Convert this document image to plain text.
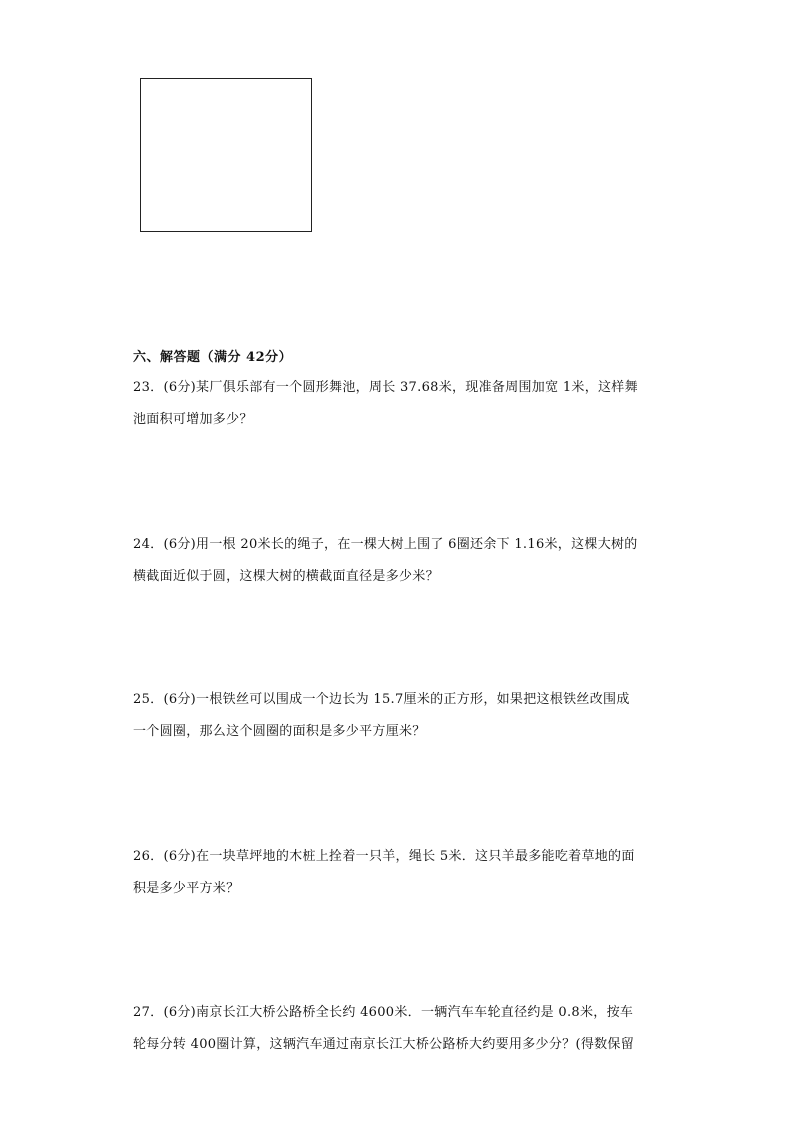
六、解答题（满分 42分）
23．(6分)某厂俱乐部有一个圆形舞池，周长 37.68米，现准备周围加宽 1米，这样舞
池面积可增加多少？
24．(6分)用一根 20米长的绳子，在一棵大树上围了 6圈还余下 1.16米，这棵大树的
横截面近似于圆，这棵大树的横截面直径是多少米？
25．(6分)一根铁丝可以围成一个边长为 15.7厘米的正方形，如果把这根铁丝改围成
一个圆圈，那么这个圆圈的面积是多少平方厘米？
26．(6分)在一块草坪地的木桩上拴着一只羊，绳长 5米．这只羊最多能吃着草地的面
积是多少平方米？
27．(6分)南京长江大桥公路桥全长约 4600米．一辆汽车车轮直径约是 0.8米，按车
轮每分转 400圈计算，这辆汽车通过南京长江大桥公路桥大约要用多少分？(得数保留
